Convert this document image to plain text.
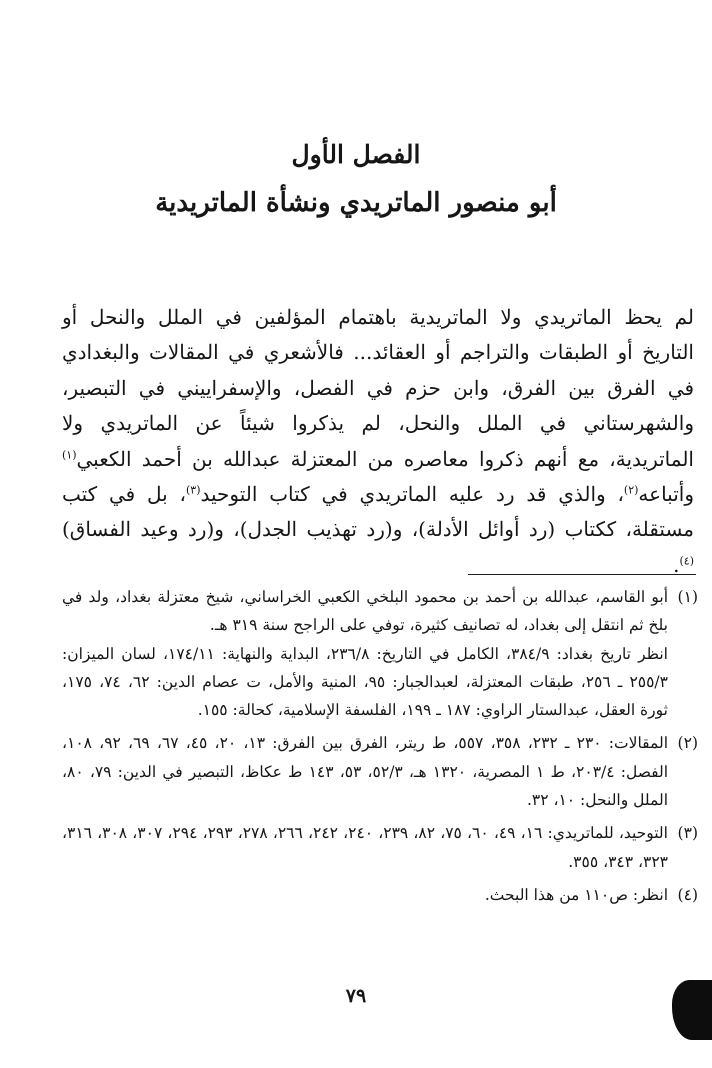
الفصل الأول
أبو منصور الماتريدي ونشأة الماتريدية
لم يحظ الماتريدي ولا الماتريدية باهتمام المؤلفين في الملل والنحل أو التاريخ أو الطبقات والتراجم أو العقائد... فالأشعري في المقالات والبغدادي في الفرق بين الفرق، وابن حزم في الفصل، والإسفراييني في التبصير، والشهرستاني في الملل والنحل، لم يذكروا شيئاً عن الماتريدي ولا الماتريدية، مع أنهم ذكروا معاصره من المعتزلة عبدالله بن أحمد الكعبي$^{(١)}$ وأتباعه$^{(٢)}$، والذي قد رد عليه الماتريدي في كتاب التوحيد$^{(٣)}$، بل في كتب مستقلة، ككتاب (رد أوائل الأدلة)، و(رد تهذيب الجدل)، و(رد وعيد الفساق)$^{(٤)}$.
(١)

أبو القاسم، عبدالله بن أحمد بن محمود البلخي الكعبي الخراساني، شيخ معتزلة بغداد، ولد في بلخ ثم انتقل إلى بغداد، له تصانيف كثيرة، توفي على الراجح سنة ٣١٩ هـ.

انظر تاريخ بغداد: ٣٨٤/٩، الكامل في التاريخ: ٢٣٦/٨، البداية والنهاية: ١٧٤/١١، لسان الميزان: ٢٥٥/٣ ـ ٢٥٦، طبقات المعتزلة، لعبدالجبار: ٩٥، المنية والأمل، ت عصام الدين: ٦٢، ٧٤، ١٧٥، ثورة العقل، عبدالستار الراوي: ١٨٧ ـ ١٩٩، الفلسفة الإسلامية، كحالة: ١٥٥.

(٢)

المقالات: ٢٣٠ ـ ٢٣٢، ٣٥٨، ٥٥٧، ط ريتر، الفرق بين الفرق: ١٣، ٢٠، ٤٥، ٦٧، ٦٩، ٩٢، ١٠٨، الفصل: ٢٠٣/٤، ط ١ المصرية، ١٣٢٠ هـ، ٥٢/٣، ٥٣، ١٤٣ ط عكاظ، التبصير في الدين: ٧٩، ٨٠، الملل والنحل: ١٠، ٣٢.

(٣)

التوحيد، للماتريدي: ١٦، ٤٩، ٦٠، ٧٥، ٨٢، ٢٣٩، ٢٤٠، ٢٤٢، ٢٦٦، ٢٧٨، ٢٩٣، ٢٩٤، ٣٠٧، ٣٠٨، ٣١٦، ٣٢٣، ٣٤٣، ٣٥٥.

(٤)

انظر: ص١١٠ من هذا البحث.

٧٩
